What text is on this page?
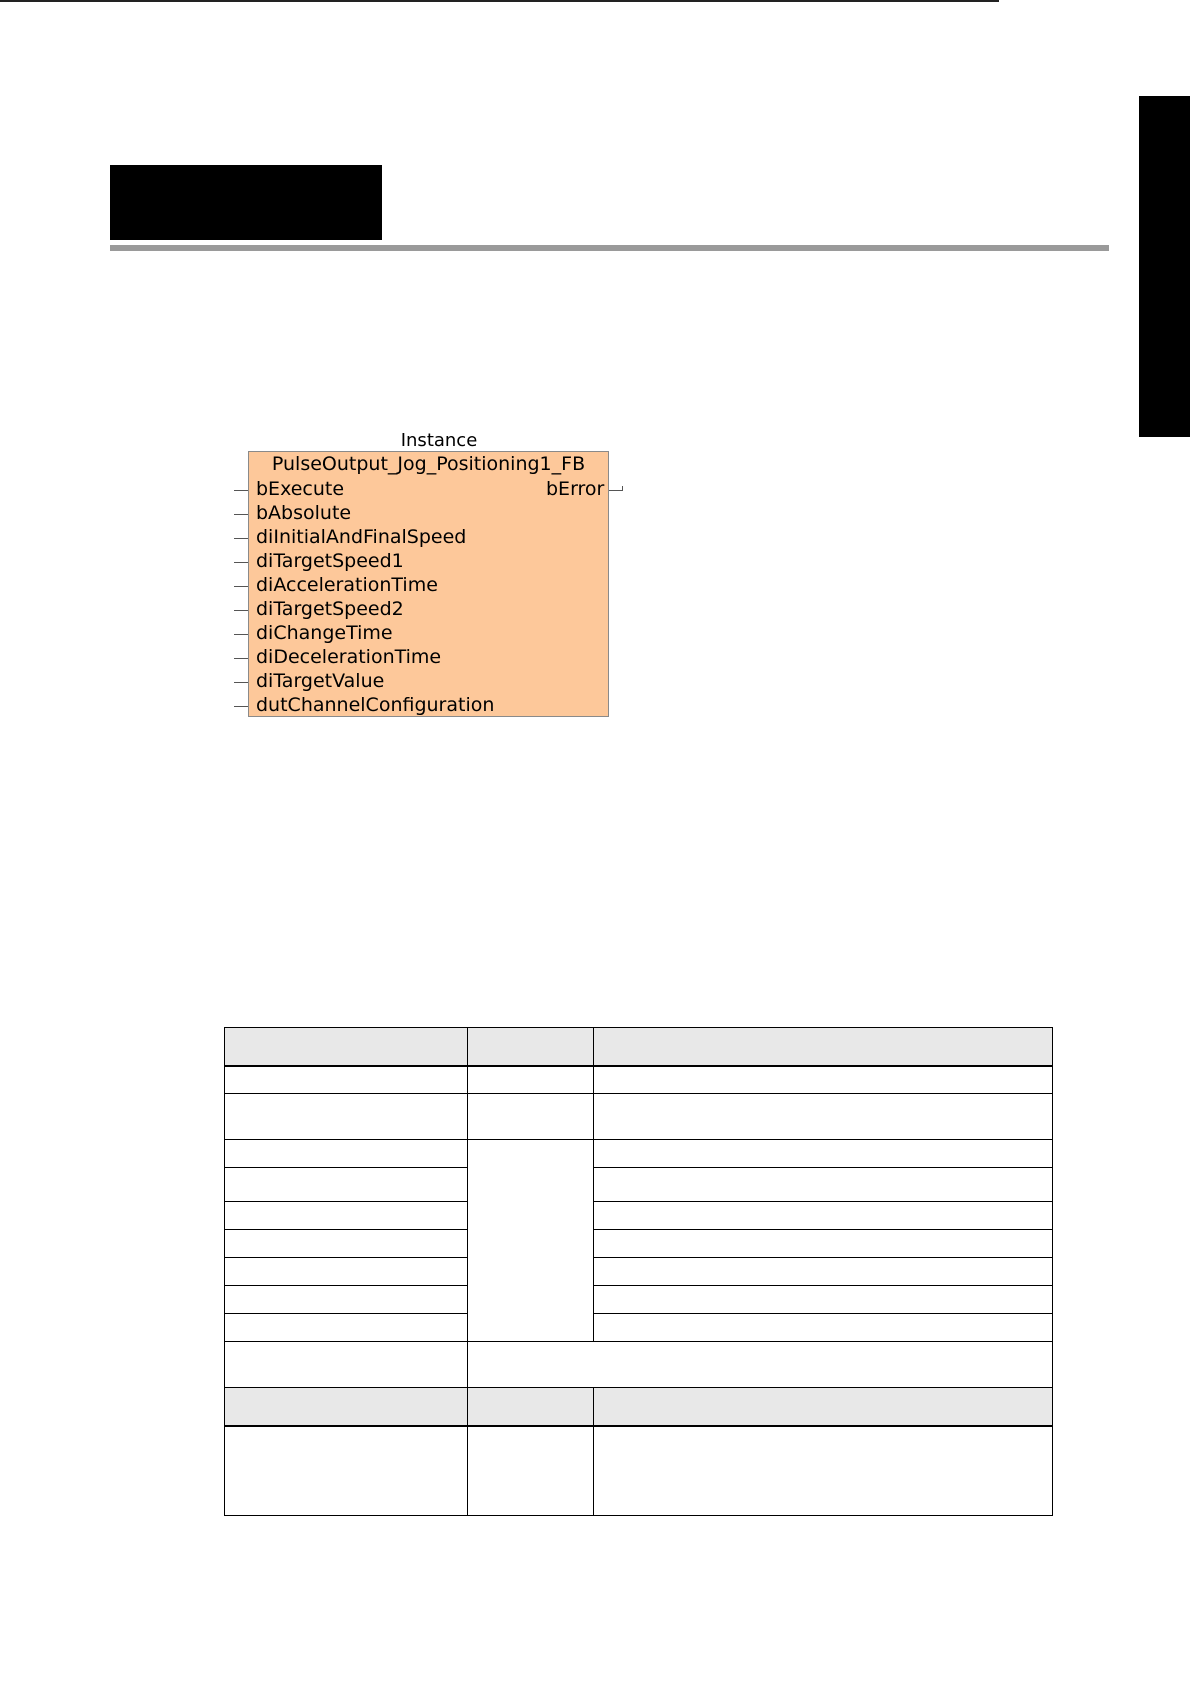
Instance
PulseOutput_Jog_Positioning1_FB
bExecute
bAbsolute
diInitialAndFinalSpeed
diTargetSpeed1
diAccelerationTime
diTargetSpeed2
diChangeTime
diDecelerationTime
diTargetValue
dutChannelConfiguration
bError
